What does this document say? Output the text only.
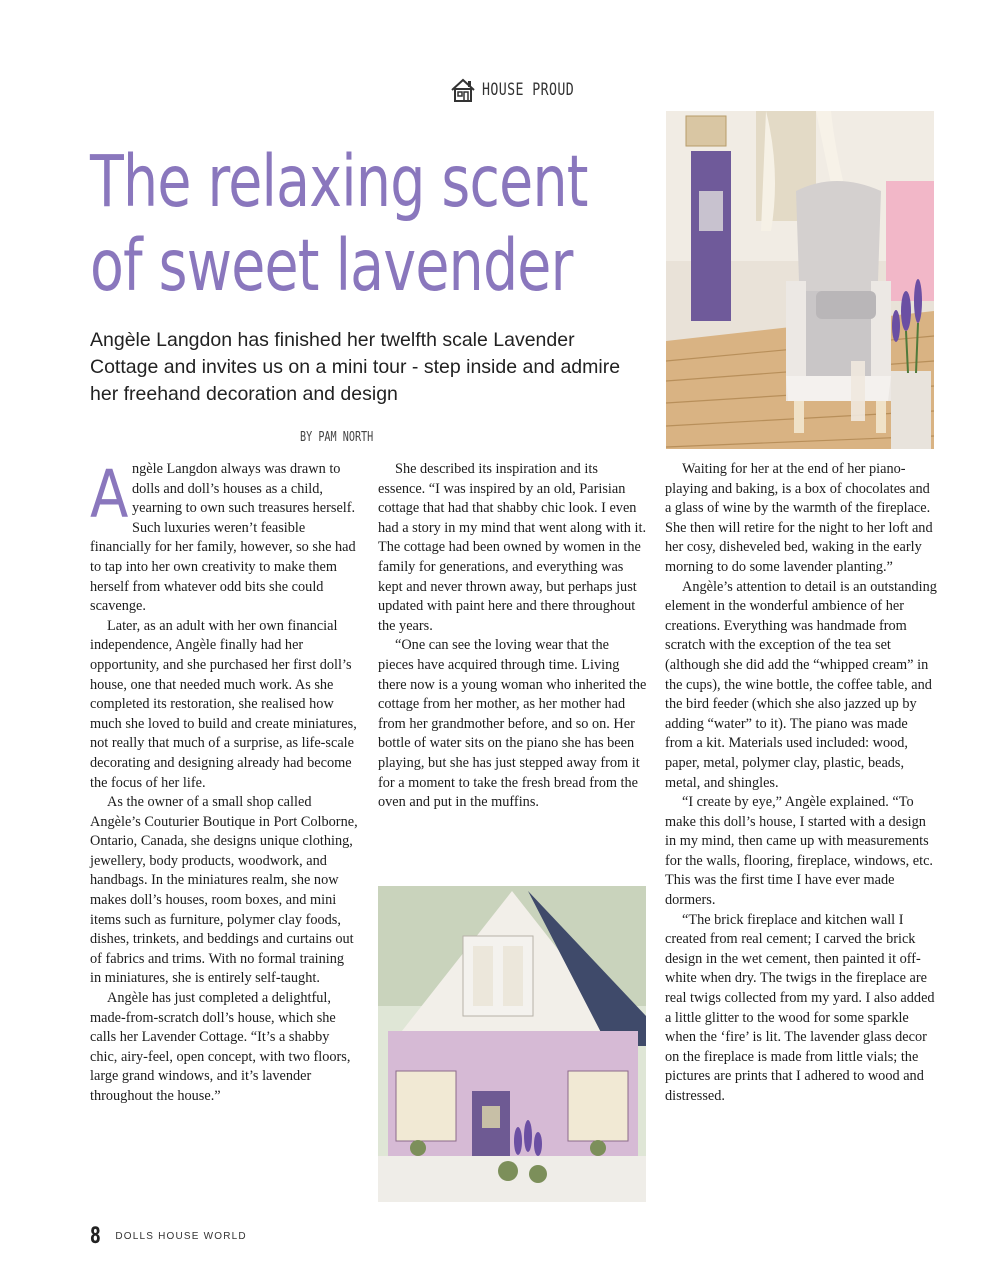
HOUSE PROUD
The relaxing scent
of sweet lavender
Angèle Langdon has finished her twelfth scale Lavender Cottage and invites us on a mini tour - step inside and admire her freehand decoration and design
BY PAM NORTH

Angèle Langdon always was drawn to dolls and doll’s houses as a child, yearning to own such treasures herself. Such luxuries weren’t feasible financially for her family, however, so she had to tap into her own creativity to make them herself from whatever odd bits she could scavenge.

Later, as an adult with her own financial independence, Angèle finally had her opportunity, and she purchased her first doll’s house, one that needed much work. As she completed its restoration, she realised how much she loved to build and create miniatures, not really that much of a surprise, as life-scale decorating and designing already had become the focus of her life.

As the owner of a small shop called Angèle’s Couturier Boutique in Port Colborne, Ontario, Canada, she designs unique clothing, jewellery, body products, woodwork, and handbags. In the miniatures realm, she now makes doll’s houses, room boxes, and mini items such as furniture, polymer clay foods, dishes, trinkets, and beddings and curtains out of fabrics and trims. With no formal training in miniatures, she is entirely self-taught.

Angèle has just completed a delightful, made-from-scratch doll’s house, which she calls her Lavender Cottage. “It’s a shabby chic, airy-feel, open concept, with two floors, large grand windows, and it’s lavender throughout the house.”

She described its inspiration and its essence. “I was inspired by an old, Parisian cottage that had that shabby chic look. I even had a story in my mind that went along with it. The cottage had been owned by women in the family for generations, and everything was kept and never thrown away, but perhaps just updated with paint here and there throughout the years.

“One can see the loving wear that the pieces have acquired through time. Living there now is a young woman who inherited the cottage from her mother, as her mother had from her grandmother before, and so on. Her bottle of water sits on the piano she has been playing, but she has just stepped away from it for a moment to take the fresh bread from the oven and put in the muffins.

Waiting for her at the end of her piano-playing and baking, is a box of chocolates and a glass of wine by the warmth of the fireplace. She then will retire for the night to her loft and her cosy, disheveled bed, waking in the early morning to do some lavender planting.”

Angèle’s attention to detail is an outstanding element in the wonderful ambience of her creations. Everything was handmade from scratch with the exception of the tea set (although she did add the “whipped cream” in the cups), the wine bottle, the coffee table, and the bird feeder (which she also jazzed up by adding “water” to it). The piano was made from a kit. Materials used included: wood, paper, metal, polymer clay, plastic, beads, metal, and shingles.

“I create by eye,” Angèle explained. “To make this doll’s house, I started with a design in my mind, then came up with measurements for the walls, flooring, fireplace, windows, etc. This was the first time I have ever made dormers.

“The brick fireplace and kitchen wall I created from real cement; I carved the brick design in the wet cement, then painted it off-white when dry. The twigs in the fireplace are real twigs collected from my yard. I also added a little glitter to the wood for some sparkle when the ‘fire’ is lit. The lavender glass decor on the fireplace is made from little vials; the pictures are prints that I adhered to wood and distressed.

8 DOLLS HOUSE WORLD
